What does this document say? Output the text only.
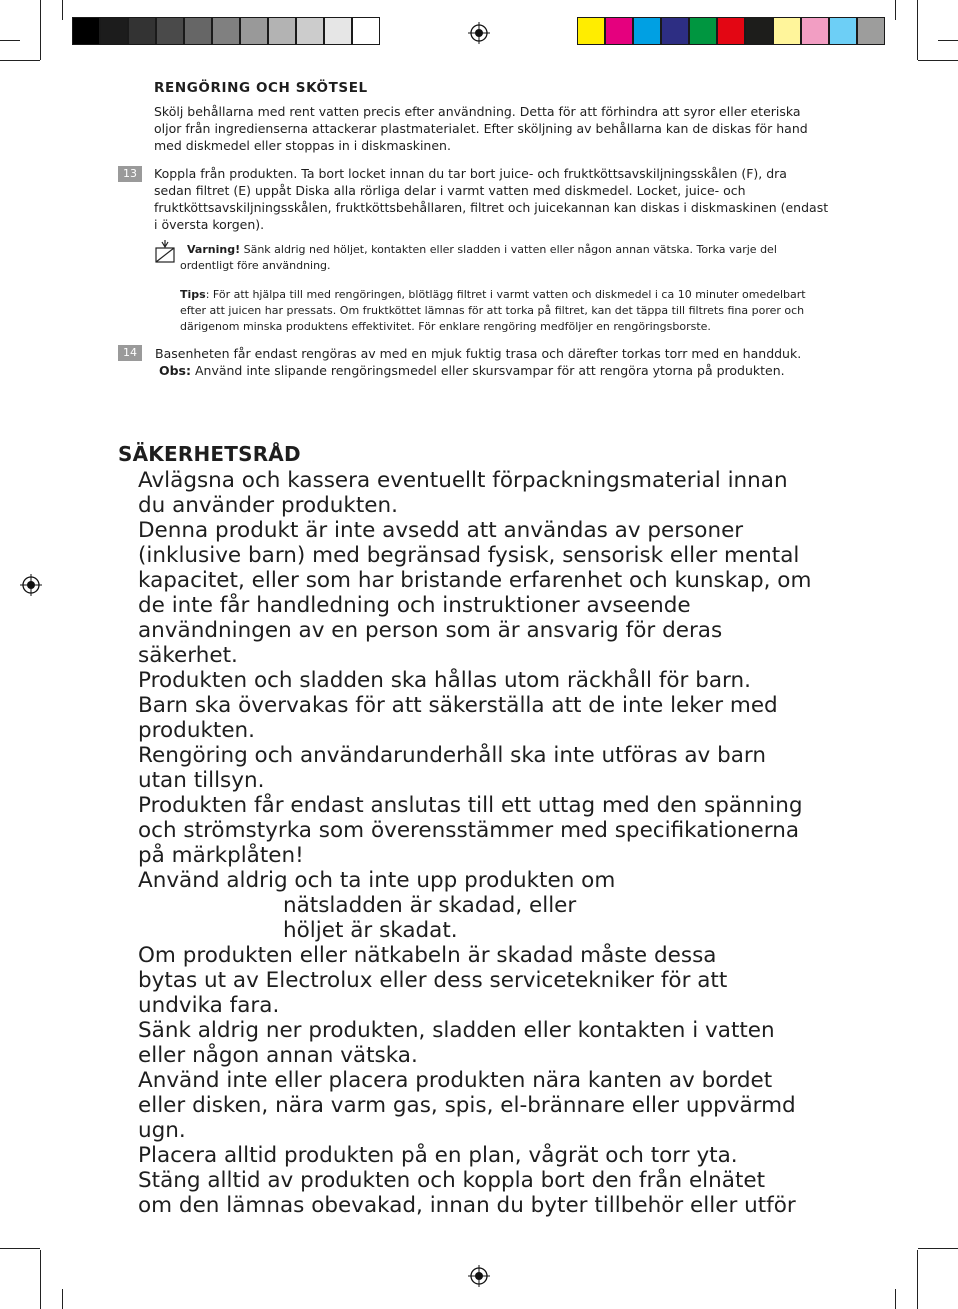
RENGÖRING OCH SKÖTSEL
Skölj behållarna med rent vatten precis efter användning. Detta för att förhindra att syror eller eteriska
oljor från ingredienserna attackerar plastmaterialet. Efter sköljning av behållarna kan de diskas för hand
med diskmedel eller stoppas in i diskmaskinen.
13	Koppla från produkten. Ta bort locket innan du tar bort juice- och fruktköttsavskiljningsskålen (F), dra
sedan filtret (E) uppåt Diska alla rörliga delar i varmt vatten med diskmedel. Locket, juice- och
fruktköttsavskiljningsskålen, fruktköttsbehållaren, filtret och juicekannan kan diskas i diskmaskinen (endast
i översta korgen).
Varning! Sänk aldrig ned höljet, kontakten eller sladden i vatten eller någon annan vätska. Torka varje del
ordentligt före användning.
Tips: För att hjälpa till med rengöringen, blötlägg filtret i varmt vatten och diskmedel i ca 10 minuter omedelbart
efter att juicen har pressats. Om fruktköttet lämnas för att torka på filtret, kan det täppa till filtrets fina porer och
därigenom minska produktens effektivitet. För enklare rengöring medföljer en rengöringsborste.
14	Basenheten får endast rengöras av med en mjuk fuktig trasa och därefter torkas torr med en handduk.
Obs: Använd inte slipande rengöringsmedel eller skursvampar för att rengöra ytorna på produkten.
SÄKERHETSRÅD

Avlägsna och kassera eventuellt förpackningsmaterial innan

du använder produkten.

Denna produkt är inte avsedd att användas av personer

(inklusive barn) med begränsad fysisk, sensorisk eller mental

kapacitet, eller som har bristande erfarenhet och kunskap, om

de inte får handledning och instruktioner avseende

användningen av en person som är ansvarig för deras

säkerhet.

Produkten och sladden ska hållas utom räckhåll för barn.

Barn ska övervakas för att säkerställa att de inte leker med

produkten.

Rengöring och användarunderhåll ska inte utföras av barn

utan tillsyn.

Produkten får endast anslutas till ett uttag med den spänning

och strömstyrka som överensstämmer med specifikationerna

på märkplåten!

Använd aldrig och ta inte upp produkten om

nätsladden är skadad, eller

höljet är skadat.

Om produkten eller nätkabeln är skadad måste dessa

bytas ut av Electrolux eller dess servicetekniker för att

undvika fara.

Sänk aldrig ner produkten, sladden eller kontakten i vatten

eller någon annan vätska.

Använd inte eller placera produkten nära kanten av bordet

eller disken, nära varm gas, spis, el-brännare eller uppvärmd

ugn.

Placera alltid produkten på en plan, vågrät och torr yta.

Stäng alltid av produkten och koppla bort den från elnätet

om den lämnas obevakad, innan du byter tillbehör eller utför
